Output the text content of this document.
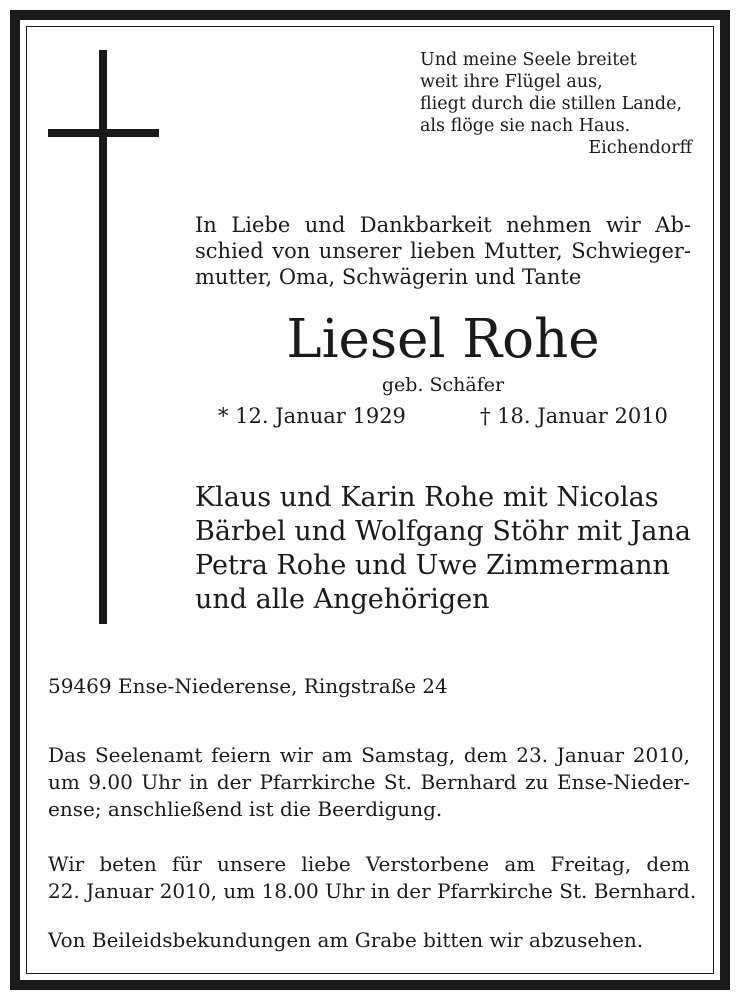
Und meine Seele breitet
weit ihre Flügel aus,
fliegt durch die stillen Lande,
als flöge sie nach Haus.
Eichendorff
In Liebe und Dankbarkeit nehmen wir Ab-
schied von unserer lieben Mutter, Schwieger-
mutter, Oma, Schwägerin und Tante
Liesel Rohe
geb. Schäfer
* 12. Januar 1929	† 18. Januar 2010
Klaus und Karin Rohe mit Nicolas
Bärbel und Wolfgang Stöhr mit Jana
Petra Rohe und Uwe Zimmermann
und alle Angehörigen
59469 Ense-Niederense, Ringstraße 24
Das Seelenamt feiern wir am Samstag, dem 23. Januar 2010,
um 9.00 Uhr in der Pfarrkirche St. Bernhard zu Ense-Nieder-
ense; anschließend ist die Beerdigung.
Wir beten für unsere liebe Verstorbene am Freitag, dem
22. Januar 2010, um 18.00 Uhr in der Pfarrkirche St. Bernhard.
Von Beileidsbekundungen am Grabe bitten wir abzusehen.
